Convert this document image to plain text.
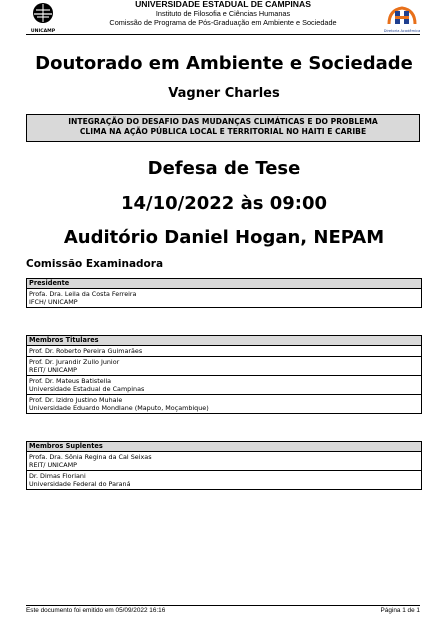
UNICAMP
UNIVERSIDADE ESTADUAL DE CAMPINAS
Instituto de Filosofia e Ciências Humanas
Comissão de Programa de Pós-Graduação em Ambiente e Sociedade
Diretoria Acadêmica
Doutorado em Ambiente e Sociedade
Vagner Charles
INTEGRAÇÃO DO DESAFIO DAS MUDANÇAS CLIMÁTICAS E DO PROBLEMA
CLIMA NA AÇÃO PÚBLICA LOCAL E TERRITORIAL NO HAITI E CARIBE
Defesa de Tese
14/10/2022 às 09:00
Auditório Daniel Hogan, NEPAM
Comissão Examinadora
Presidente
Profa. Dra. Leila da Costa Ferreira
IFCH/ UNICAMP
Membros Titulares
Prof. Dr. Roberto Pereira Guimarães
Prof. Dr. Jurandir Zullo Junior
REIT/ UNICAMP
Prof. Dr. Mateus Batistella
Universidade Estadual de Campinas
Prof. Dr. Izidro Justino Muhale
Universidade Eduardo Mondlane (Maputo, Moçambique)
Membros Suplentes
Profa. Dra. Sônia Regina da Cal Seixas
REIT/ UNICAMP
Dr. Dimas Floriani
Universidade Federal do Paraná
Este documento foi emitido em 05/09/2022 16:16	Página 1 de 1
